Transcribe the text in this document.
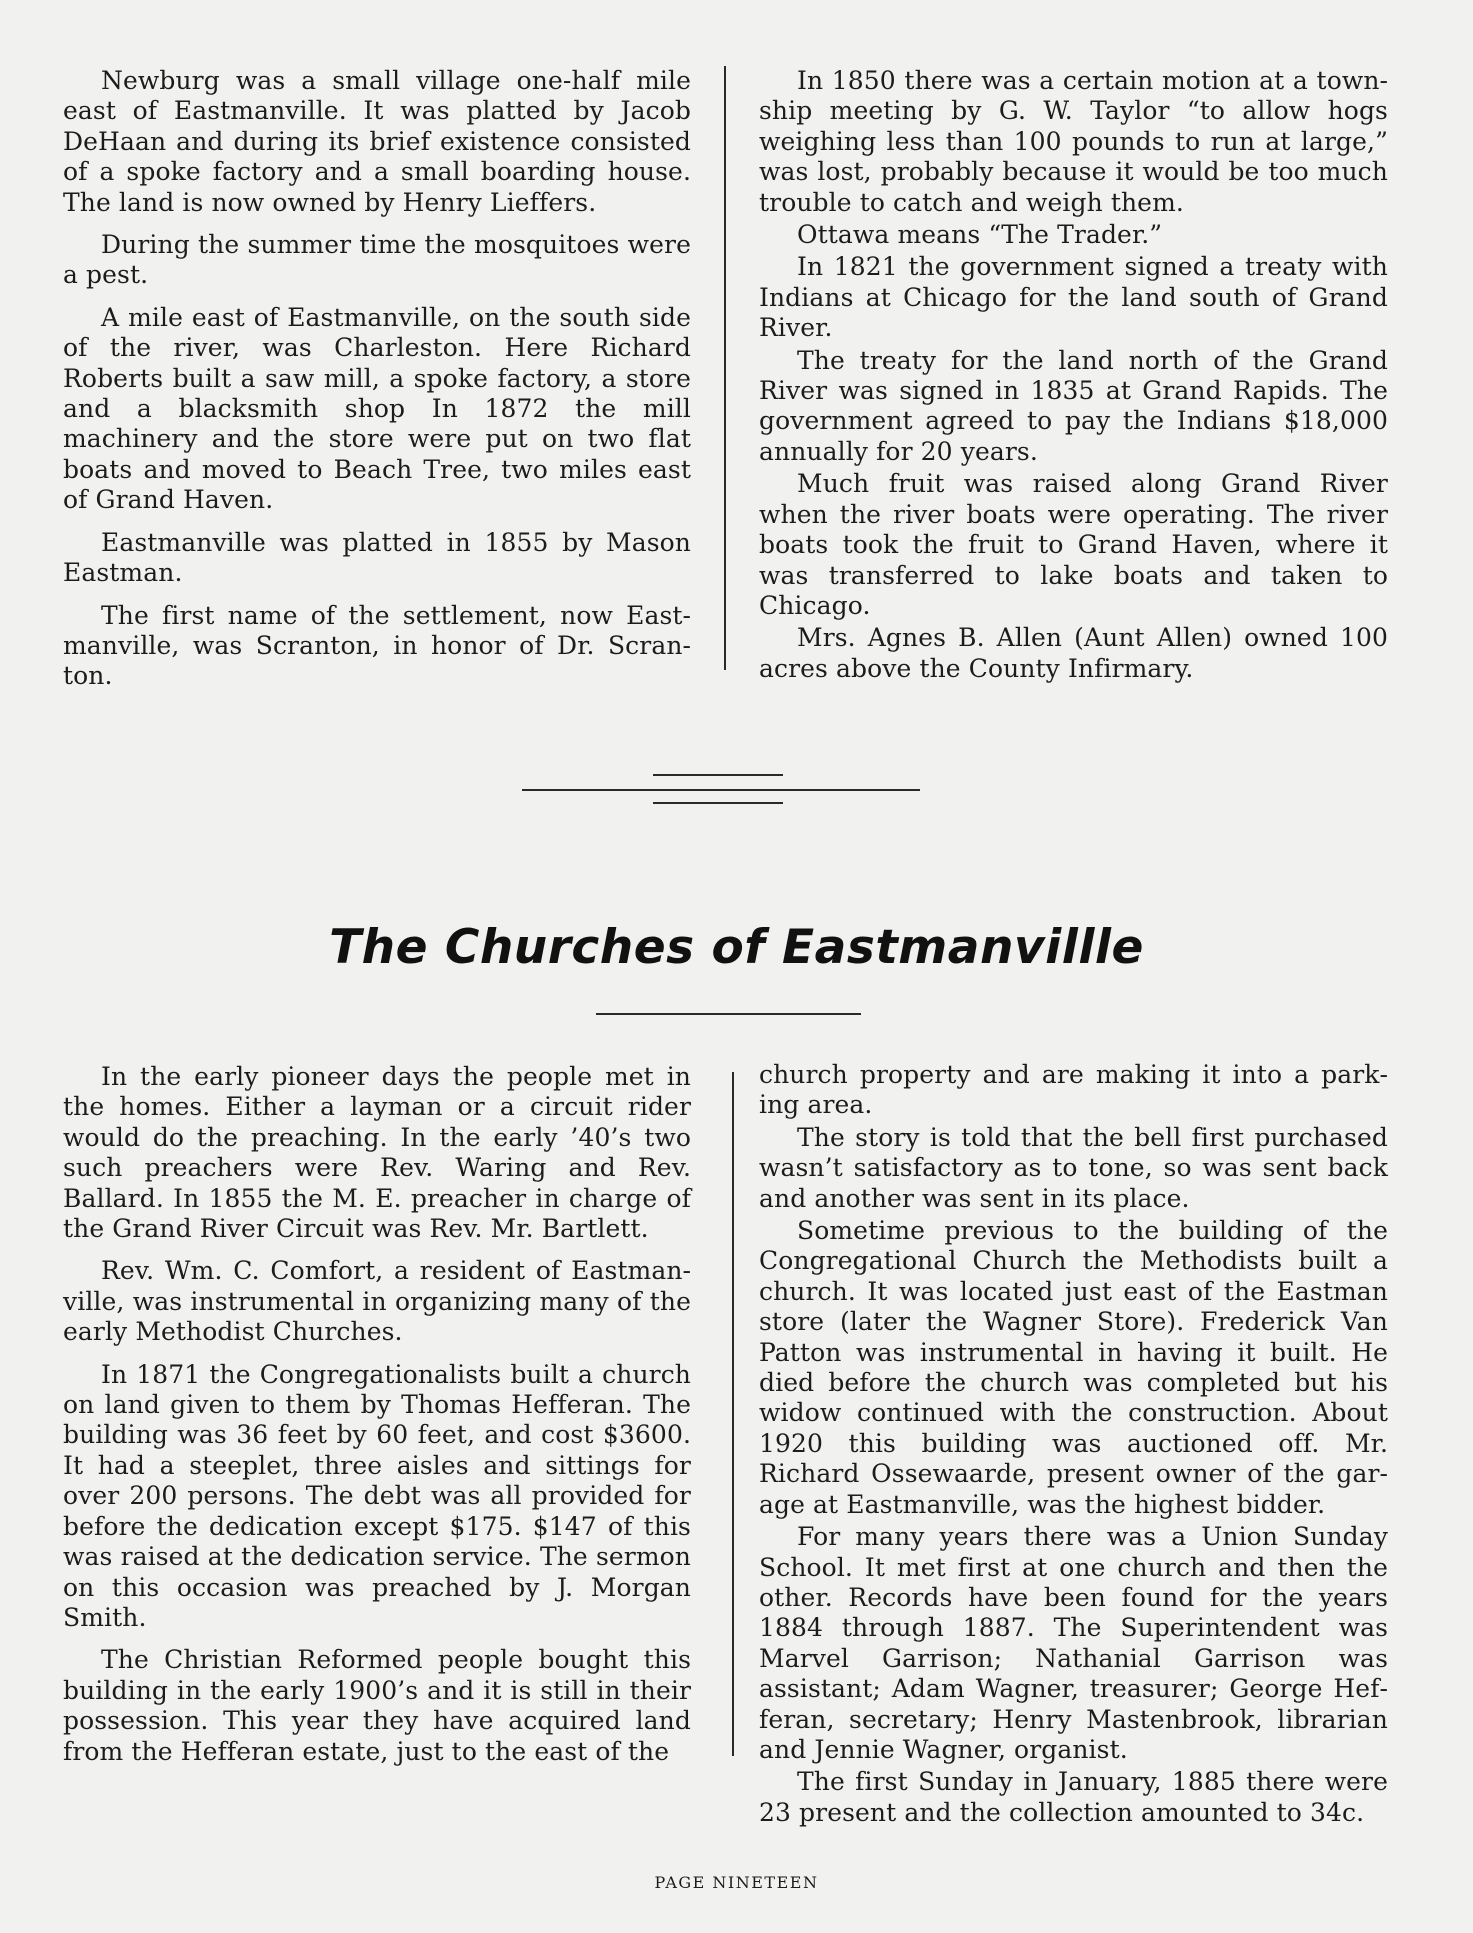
Newburg was a small village one-half mile east of Eastmanville. It was platted by Jacob DeHaan and during its brief existence consisted of a spoke factory and a small boarding house. The land is now owned by Henry Lieffers.

During the summer time the mosquitoes were a pest.

A mile east of Eastmanville, on the south side of the river, was Charleston. Here Richard Roberts built a saw mill, a spoke factory, a store and a blacksmith shop In 1872 the mill machinery and the store were put on two flat boats and moved to Beach Tree, two miles east of Grand Haven.

Eastmanville was platted in 1855 by Mason Eastman.

The first name of the settlement, now Eastmanville, was Scranton, in honor of Dr. Scranton.

In 1850 there was a certain motion at a township meeting by G. W. Taylor “to allow hogs weighing less than 100 pounds to run at large,” was lost, probably because it would be too much trouble to catch and weigh them.

Ottawa means “The Trader.”

In 1821 the government signed a treaty with Indians at Chicago for the land south of Grand River.

The treaty for the land north of the Grand River was signed in 1835 at Grand Rapids. The government agreed to pay the Indians $18,000 annually for 20 years.

Much fruit was raised along Grand River when the river boats were operating. The river boats took the fruit to Grand Haven, where it was transferred to lake boats and taken to Chicago.

Mrs. Agnes B. Allen (Aunt Allen) owned 100 acres above the County Infirmary.

The Churches of Eastmanvillle

In the early pioneer days the people met in the homes. Either a layman or a circuit rider would do the preaching. In the early ’40’s two such preachers were Rev. Waring and Rev. Ballard. In 1855 the M. E. preacher in charge of the Grand River Circuit was Rev. Mr. Bartlett.

Rev. Wm. C. Comfort, a resident of Eastmanville, was instrumental in organizing many of the early Methodist Churches.

In 1871 the Congregationalists built a church on land given to them by Thomas Hefferan. The building was 36 feet by 60 feet, and cost $3600. It had a steeplet, three aisles and sittings for over 200 persons. The debt was all provided for before the dedication except $175. $147 of this was raised at the dedication service. The sermon on this occasion was preached by J. Morgan Smith.

The Christian Reformed people bought this building in the early 1900’s and it is still in their possession. This year they have acquired land from the Hefferan estate, just to the east of the

church property and are making it into a parking area.

The story is told that the bell first purchased wasn’t satisfactory as to tone, so was sent back and another was sent in its place.

Sometime previous to the building of the Congregational Church the Methodists built a church. It was located just east of the Eastman store (later the Wagner Store). Frederick Van Patton was instrumental in having it built. He died before the church was completed but his widow continued with the construction. About 1920 this building was auctioned off. Mr. Richard Ossewaarde, present owner of the garage at Eastmanville, was the highest bidder.

For many years there was a Union Sunday School. It met first at one church and then the other. Records have been found for the years 1884 through 1887. The Superintendent was Marvel Garrison; Nathanial Garrison was assistant; Adam Wagner, treasurer; George Hefferan, secretary; Henry Mastenbrook, librarian and Jennie Wagner, organist.

The first Sunday in January, 1885 there were 23 present and the collection amounted to 34c.

PAGE NINETEEN
